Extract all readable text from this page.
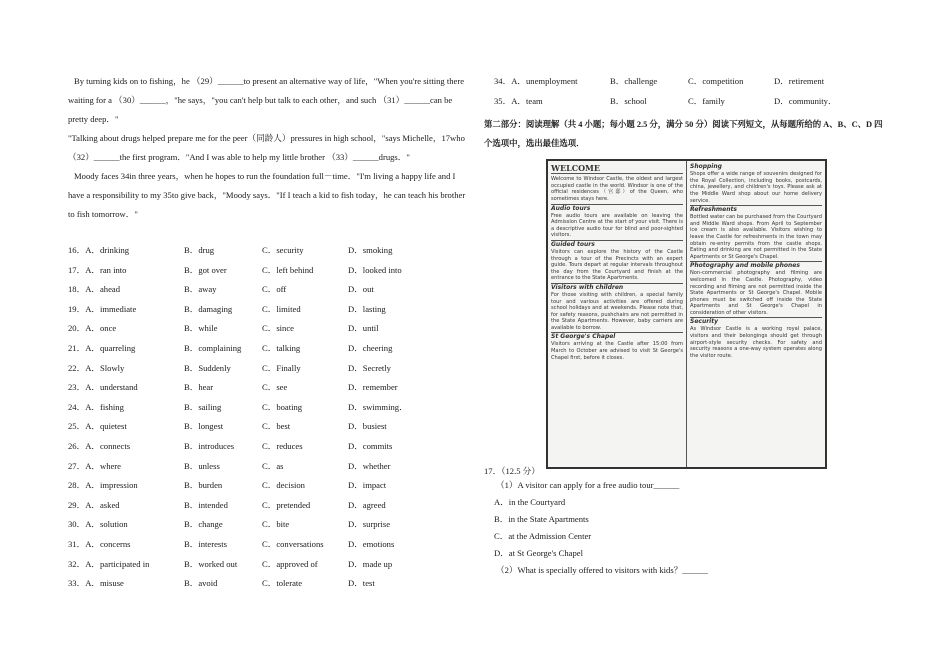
By turning kids on to fishing，he （29）______to present an alternative way of life，"When you're sitting there waiting for a （30）______，"he says，"you can't help but talk to each other，and such （31）______can be pretty deep．"

"Talking about drugs helped prepare me for the peer（同龄人）pressures in high school，"says Michelle，17who （32）______the first program．"And I was able to help my little brother （33）______drugs．"

Moody faces 34in three years，when he hopes to run the foundation full－time．"I'm living a happy life and I have a responsibility to my 35to give back，"Moody says．"If I teach a kid to fish today，he can teach his brother to fish tomorrow．"

16．A．drinking	B．drug	C．security	D．smoking
17．A．ran into	B．got over	C．left behind	D．looked into
18．A．ahead	B．away	C．off	D．out
19．A．immediate	B．damaging	C．limited	D．lasting
20．A．once	B．while	C．since	D．until
21．A．quarreling	B．complaining C．talking	D．cheering
22．A．Slowly	B．Suddenly	C．Finally	D．Secretly
23．A．understand	B．hear	C．see	D．remember
24．A．fishing	B．sailing	C．boating	D．swimming．
25．A．quietest	B．longest	C．best	D．busiest
26．A．connects	B．introduces	C．reduces	D．commits
27．A．where	B．unless	C．as	D．whether
28．A．impression	B．burden	C．decision	D．impact
29．A．asked	B．intended	C．pretended	D．agreed
30．A．solution	B．change	C．bite	D．surprise
31．A．concerns	B．interests	C．conversations	D．emotions
32．A．participated in	B．worked out	C．approved of	D．made up
33．A．misuse	B．avoid	C．tolerate	D．test
34．A．unemployment	B．challenge	C．competition	D．retirement
35．A．team	B．school	C．family	D．community．
第二部分：阅读理解（共 4 小题；每小题 2.5 分，满分 50 分）阅读下列短文，从每题所给的 A、B、C、D 四个选项中，选出最佳选项．
WELCOME
Welcome to Windsor Castle, the oldest and largest occupied castle in the world. Windsor is one of the official residences（官邸）of the Queen, who sometimes stays here.
Audio tours
Free audio tours are available on leaving the Admission Centre at the start of your visit. There is a descriptive audio tour for blind and poor-sighted visitors.
Guided tours
Visitors can explore the history of the Castle through a tour of the Precincts with an expert guide. Tours depart at regular intervals throughout the day from the Courtyard and finish at the entrance to the State Apartments.
Visitors with children
For those visiting with children, a special family tour and various activities are offered during school holidays and at weekends. Please note that, for safety reasons, pushchairs are not permitted in the State Apartments. However, baby carriers are available to borrow.
St George's Chapel
Visitors arriving at the Castle after 15:00 from March to October are advised to visit St George's Chapel first, before it closes.
Shopping
Shops offer a wide range of souvenirs designed for the Royal Collection, including books, postcards, china, jewellery, and children's toys. Please ask at the Middle Ward shop about our home delivery service.
Refreshments
Bottled water can be purchased from the Courtyard and Middle Ward shops. From April to September ice cream is also available. Visitors wishing to leave the Castle for refreshments in the town may obtain re-entry permits from the castle shops. Eating and drinking are not permitted in the State Apartments or St George's Chapel.
Photography and mobile phones
Non-commercial photography and filming are welcomed in the Castle. Photography, video recording and filming are not permitted inside the State Apartments or St George's Chapel. Mobile phones must be switched off inside the State Apartments and St George's Chapel in consideration of other visitors.
Security
As Windsor Castle is a working royal palace, visitors and their belongings should get through airport-style security checks. For safety and security reasons a one-way system operates along the visitor route.
17．（12.5 分）
（1）A visitor can apply for a free audio tour______
A．in the Courtyard
B．in the State Apartments
C．at the Admission Center
D．at St George's Chapel
（2）What is specially offered to visitors with kids？______
